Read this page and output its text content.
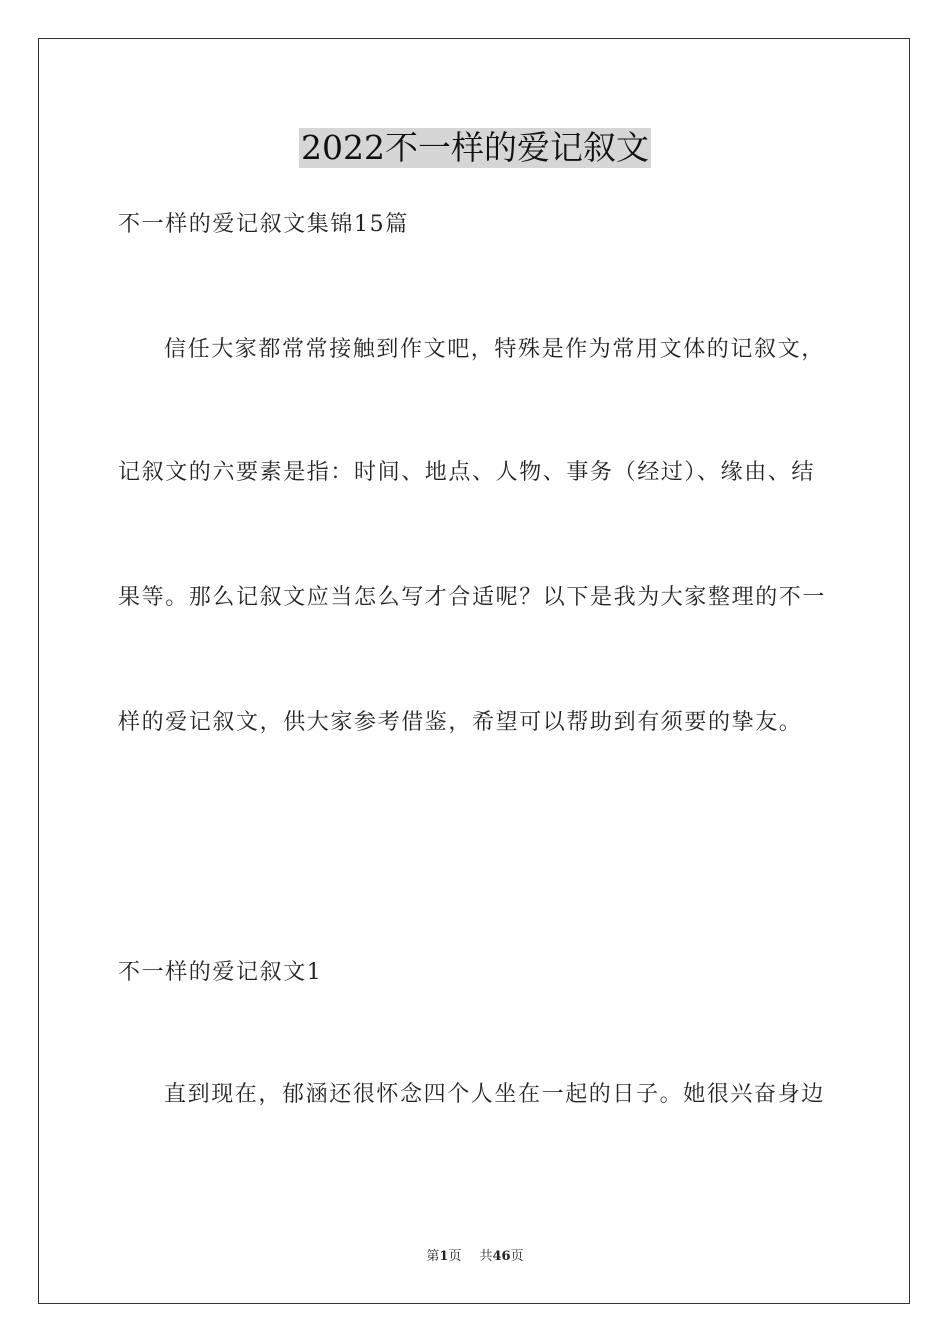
2022不一样的爱记叙文
不一样的爱记叙文集锦15篇
信任大家都常常接触到作文吧，特殊是作为常用文体的记叙文，
记叙文的六要素是指：时间、地点、人物、事务（经过）、缘由、结
果等。那么记叙文应当怎么写才合适呢？以下是我为大家整理的不一
样的爱记叙文，供大家参考借鉴，希望可以帮助到有须要的挚友。
不一样的爱记叙文1
直到现在，郁涵还很怀念四个人坐在一起的日子。她很兴奋身边
第1页 共46页
